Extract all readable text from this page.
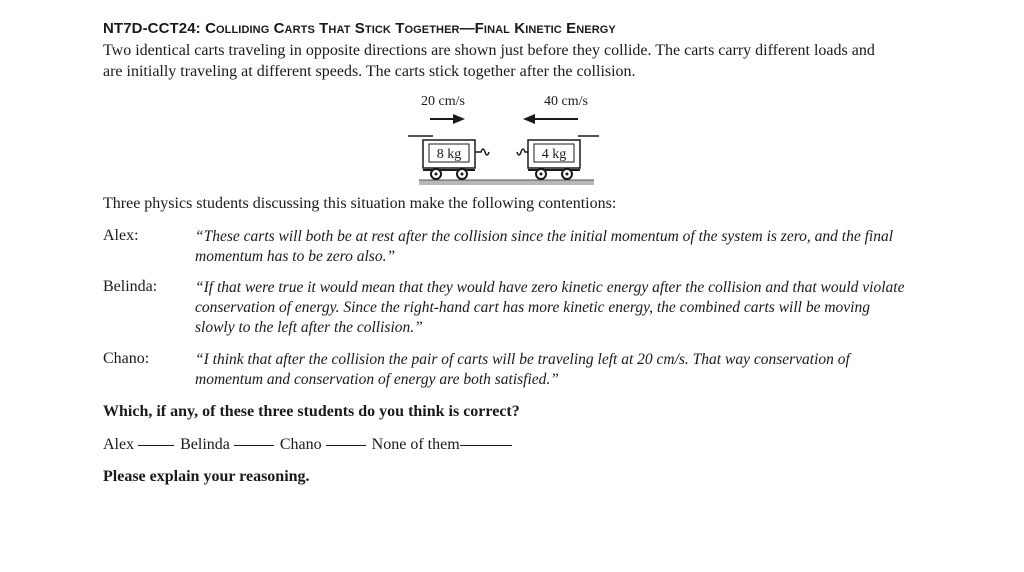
NT7D-CCT24: Colliding Carts That Stick Together—Final Kinetic Energy

Two identical carts traveling in opposite directions are shown just before they collide. The carts carry different loads and are initially traveling at different speeds. The carts stick together after the collision.

20 cm/s	40 cm/s
8 kg	4 kg

Three physics students discussing this situation make the following contentions:

Alex:	“These carts will both be at rest after the collision since the initial momentum of the system is zero, and the final momentum has to be zero also.”
Belinda:	“If that were true it would mean that they would have zero kinetic energy after the collision and that would violate conservation of energy. Since the right-hand cart has more kinetic energy, the combined carts will be moving slowly to the left after the collision.”
Chano:	“I think that after the collision the pair of carts will be traveling left at 20 cm/s. That way conservation of momentum and conservation of energy are both satisfied.”

Which, if any, of these three students do you think is correct?

Alex	Belinda	Chano	None of them

Please explain your reasoning.
